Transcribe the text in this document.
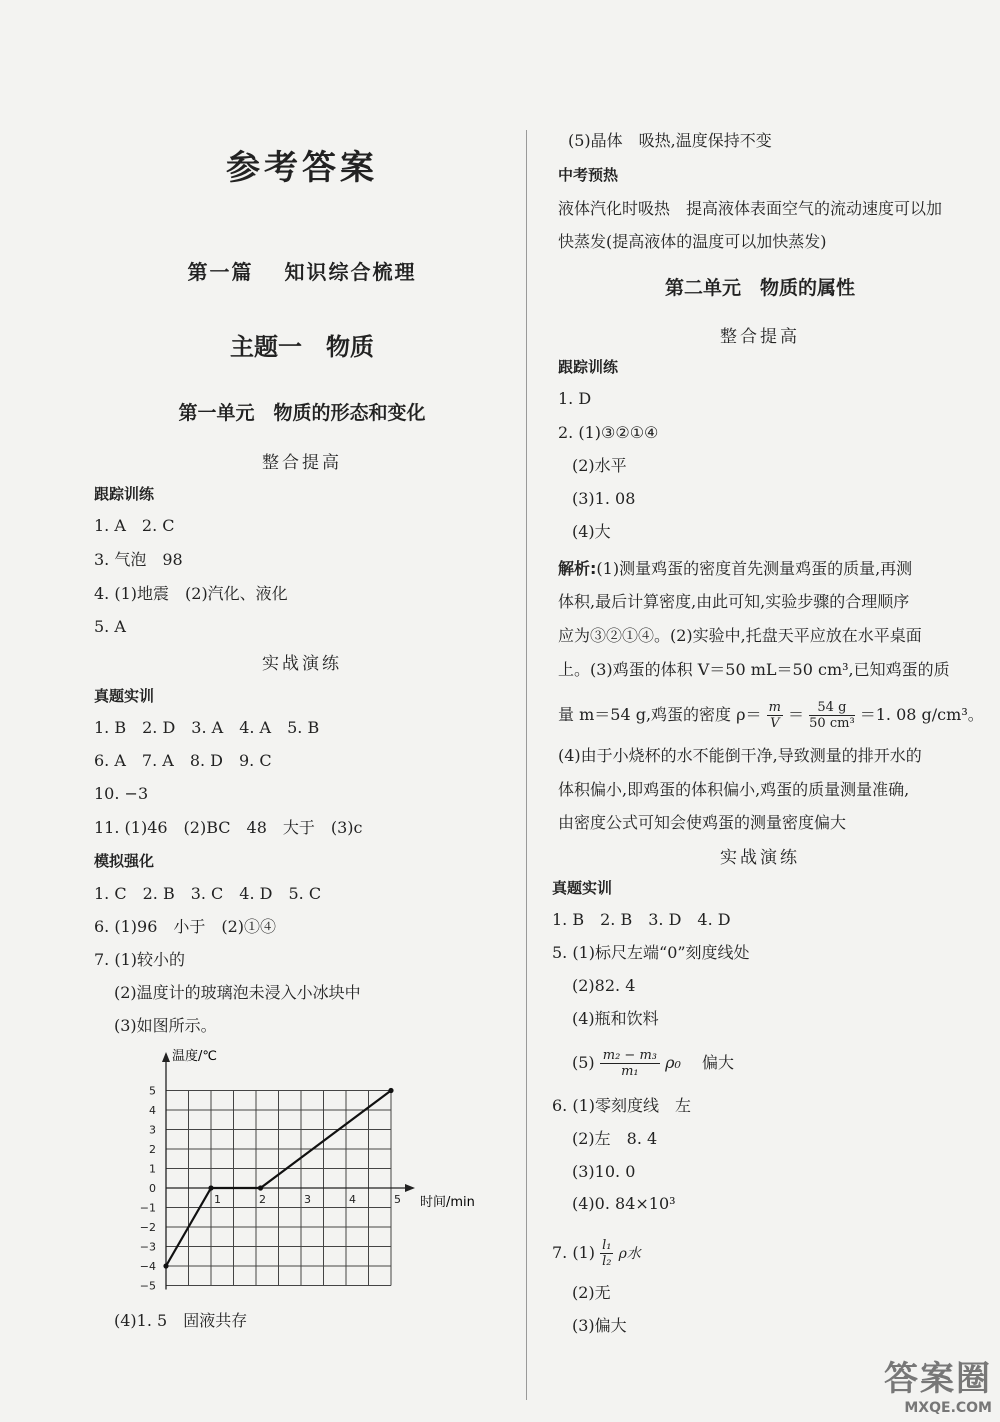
参考答案
第一篇　 知识综合梳理
主题一　物质
第一单元　物质的形态和变化
整合提高
跟踪训练
1. A　2. C
3. 气泡　98
4. (1)地震　(2)汽化、液化
5. A
实战演练
真题实训
1. B　2. D　3. A　4. A　5. B
6. A　7. A　8. D　9. C
10. −3
11. (1)46　(2)BC　48　大于　(3)c
模拟强化
1. C　2. B　3. C　4. D　5. C
6. (1)96　小于　(2)①④
7. (1)较小的
(2)温度计的玻璃泡未浸入小冰块中
(3)如图所示。
(4)1. 5　固液共存
1	2	3	4	5
5
4
3
2
1
0
−1
−2
−3
−4
−5
温度/℃
时间/min
(5)晶体　吸热,温度保持不变
中考预热
液体汽化时吸热　提高液体表面空气的流动速度可以加
快蒸发(提高液体的温度可以加快蒸发)
第二单元　物质的属性
整合提高
跟踪训练
1. D
2. (1)③②①④
(2)水平
(3)1. 08
(4)大
解析:(1)测量鸡蛋的密度首先测量鸡蛋的质量,再测
体积,最后计算密度,由此可知,实验步骤的合理顺序
应为③②①④。(2)实验中,托盘天平应放在水平桌面
上。(3)鸡蛋的体积 V＝50 mL＝50 cm³,已知鸡蛋的质
量 m＝54 g,鸡蛋的密度 $\rho= \frac{m}{V} = \frac{54 g}{\text{50 cm³}} =1$. 08 g/cm³。
(4)由于小烧杯的水不能倒干净,导致测量的排开水的
体积偏小,即鸡蛋的体积偏小,鸡蛋的质量测量准确,
由密度公式可知会使鸡蛋的测量密度偏大
实战演练
真题实训
1. B　2. B　3. D　4. D
5. (1)标尺左端“0”刻度线处
(2)82. 4
(4)瓶和饮料
$(5) \frac{\text{m₂ − m₃}}{\text{m₁}} \rho_0$ 　偏大
6. (1)零刻度线　左
(2)左　8. 4
(3)10. 0
(4)0. 84×10³
7. $(1) \frac{\text{l₁}}{\text{l₂}}$ ρ水
(2)无
(3)偏大
答案圈
MXQE.COM
